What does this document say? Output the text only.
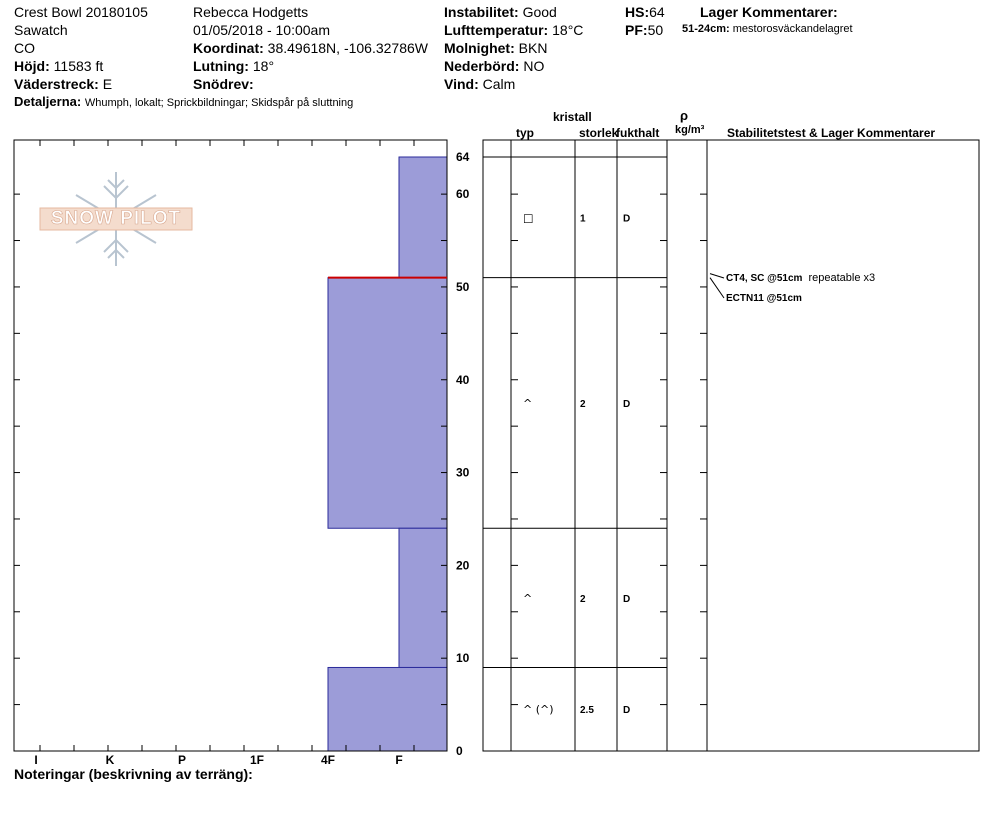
Crest Bowl 20180105
Sawatch
CO
Höjd: 11583 ft
Väderstreck: E
Detaljerna: Whumph, lokalt; Sprickbildningar; Skidspår på sluttning
Rebecca Hodgetts
01/05/2018 - 10:00am
Koordinat: 38.49618N, -106.32786W
Lutning: 18°
Snödrev:
Instabilitet: Good
Lufttemperatur: 18°C
Molnighet: BKN
Nederbörd: NO
Vind: Calm
HS:64
PF:50
Lager Kommentarer:
51-24cm: mestorosväckandelagret
kristall
typ	storlek
fukthalt
ρ
kg/m³ Stabilitetstest & Lager Kommentarer
SNOW PILOT
0
10
20
30
40
50
60
64
I	K	P	1F	4F	F
□	1	D
^	2	D
^	2	D
^ (^)	2.5	D
CT4, SC @51cm repeatable x3
ECTN11 @51cm
Noteringar (beskrivning av terräng):
